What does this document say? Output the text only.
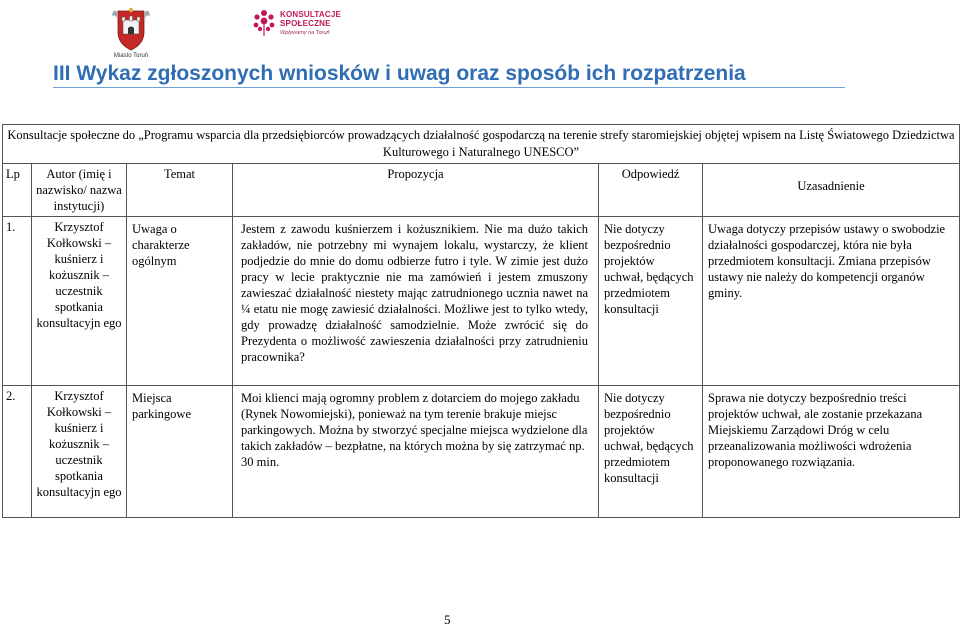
Miasto Toruń
KONSULTACJE
SPOŁECZNE
Wpływamy na Toruń
III Wykaz zgłoszonych wniosków i uwag oraz sposób ich rozpatrzenia
Konsultacje społeczne do „Programu wsparcia dla przedsiębiorców prowadzących działalność gospodarczą na terenie strefy staromiejskiej objętej wpisem na Listę Światowego Dziedzictwa Kulturowego i Naturalnego UNESCO”					
Lp	Autor (imię i nazwisko/ nazwa instytucji)	Temat	Propozycja	Odpowiedź	Uzasadnienie
1.	Krzysztof Kołkowski – kuśnierz i kożusznik – uczestnik spotkania konsultacyjn ego	Uwaga o charakterze ogólnym	Jestem z zawodu kuśnierzem i kożusznikiem. Nie ma dużo takich zakładów, nie potrzebny mi wynajem lokalu, wystarczy, że klient podjedzie do mnie do domu odbierze futro i tyle. W zimie jest dużo pracy w lecie praktycznie nie ma zamówień i jestem zmuszony zawieszać działalność niestety mając zatrudnionego ucznia nawet na ¼ etatu nie mogę zawiesić działalności. Możliwe jest to tylko wtedy, gdy prowadzę działalność samodzielnie. Może zwrócić się do Prezydenta o możliwość zawieszenia działalności przy zatrudnieniu pracownika?	Nie dotyczy bezpośrednio projektów uchwał, będących przedmiotem konsultacji	Uwaga dotyczy przepisów ustawy o swobodzie działalności gospodarczej, która nie była przedmiotem konsultacji. Zmiana przepisów ustawy nie należy do kompetencji organów gminy.
2.	Krzysztof Kołkowski – kuśnierz i kożusznik – uczestnik spotkania konsultacyjn ego	Miejsca parkingowe	Moi klienci mają ogromny problem z dotarciem do mojego zakładu (Rynek Nowomiejski), ponieważ na tym terenie brakuje miejsc parkingowych. Można by stworzyć specjalne miejsca wydzielone dla takich zakładów – bezpłatne, na których można by się zatrzymać np. 30 min.	Nie dotyczy bezpośrednio projektów uchwał, będących przedmiotem konsultacji	Sprawa nie dotyczy bezpośrednio treści projektów uchwał, ale zostanie przekazana Miejskiemu Zarządowi Dróg w celu przeanalizowania możliwości wdrożenia proponowanego rozwiązania.
5
